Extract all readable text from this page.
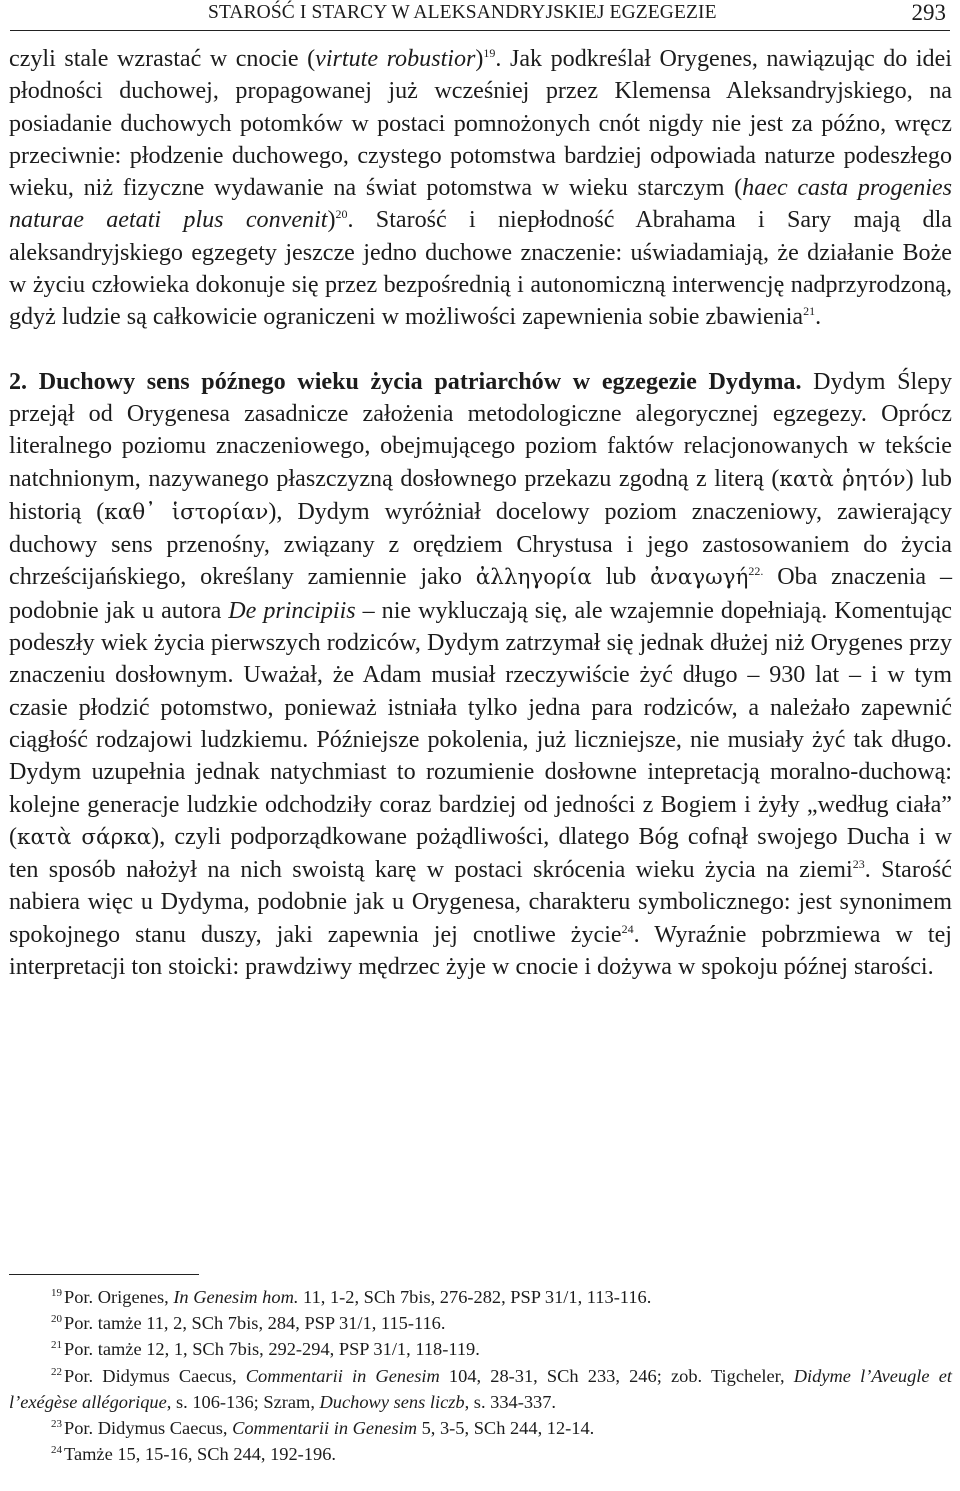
STAROŚĆ I STARCY W ALEKSANDRYJSKIEJ EGZEGEZIE	293

czyli stale wzrastać w cnocie (virtute robustior)$^{19}$. Jak podkreślał Orygenes, nawiązując do idei płodności duchowej, propagowanej już wcześniej przez Klemensa Aleksandryjskiego, na posiadanie duchowych potomków w postaci pomnożonych cnót nigdy nie jest za późno, wręcz przeciwnie: płodzenie duchowego, czystego potomstwa bardziej odpowiada naturze podeszłego wieku, niż fizyczne wydawanie na świat potomstwa w wieku starczym (haec casta progenies naturae aetati plus convenit)$^{20}$. Starość i niepłodność Abrahama i Sary mają dla aleksandryjskiego egzegety jeszcze jedno duchowe znaczenie: uświadamiają, że działanie Boże w życiu człowieka dokonuje się przez bezpośrednią i autonomiczną interwencję nadprzyrodzoną, gdyż ludzie są całkowicie ograniczeni w możliwości zapewnienia sobie zbawienia$^{21}$.

2. Duchowy sens późnego wieku życia patriarchów w egzegezie Dydyma. Dydym Ślepy przejął od Orygenesa zasadnicze założenia metodologiczne alegorycznej egzegezy. Oprócz literalnego poziomu znaczeniowego, obejmującego poziom faktów relacjonowanych w tekście natchnionym, nazywanego płaszczyzną dosłownego przekazu zgodną z literą (κατὰ ῥητόν) lub historią (καθ᾽ ἱστορίαν), Dydym wyróżniał docelowy poziom znaczeniowy, zawierający duchowy sens przenośny, związany z orędziem Chrystusa i jego zastosowaniem do życia chrześcijańskiego, określany zamiennie jako ἀλληγορία lub ἀναγωγή$^{22.}$ Oba znaczenia – podobnie jak u autora De principiis – nie wykluczają się, ale wzajemnie dopełniają. Komentując podeszły wiek życia pierwszych rodziców, Dydym zatrzymał się jednak dłużej niż Orygenes przy znaczeniu dosłownym. Uważał, że Adam musiał rzeczywiście żyć długo – 930 lat – i w tym czasie płodzić potomstwo, ponieważ istniała tylko jedna para rodziców, a należało zapewnić ciągłość rodzajowi ludzkiemu. Późniejsze pokolenia, już liczniejsze, nie musiały żyć tak długo. Dydym uzupełnia jednak natychmiast to rozumienie dosłowne intepretacją moralno-duchową: kolejne generacje ludzkie odchodziły coraz bardziej od jedności z Bogiem i żyły „według ciała” (κατὰ σάρκα), czyli podporządkowane pożądliwości, dlatego Bóg cofnął swojego Ducha i w ten sposób nałożył na nich swoistą karę w postaci skrócenia wieku życia na ziemi$^{23}$. Starość nabiera więc u Dydyma, podobnie jak u Orygenesa, charakteru symbolicznego: jest synonimem spokojnego stanu duszy, jaki zapewnia jej cnotliwe życie$^{24}$. Wyraźnie pobrzmiewa w tej interpretacji ton stoicki: prawdziwy mędrzec żyje w cnocie i dożywa w spokoju późnej starości.

$^{19}$ Por. Origenes, In Genesim hom. 11, 1-2, SCh 7bis, 276-282, PSP 31/1, 113-116.

$^{20}$ Por. tamże 11, 2, SCh 7bis, 284, PSP 31/1, 115-116.

$^{21}$ Por. tamże 12, 1, SCh 7bis, 292-294, PSP 31/1, 118-119.

$^{22}$ Por. Didymus Caecus, Commentarii in Genesim 104, 28-31, SCh 233, 246; zob. Tigcheler, Didyme l’Aveugle et l’exégèse allégorique, s. 106-136; Szram, Duchowy sens liczb, s. 334-337.

$^{23}$ Por. Didymus Caecus, Commentarii in Genesim 5, 3-5, SCh 244, 12-14.

$^{24}$ Tamże 15, 15-16, SCh 244, 192-196.
